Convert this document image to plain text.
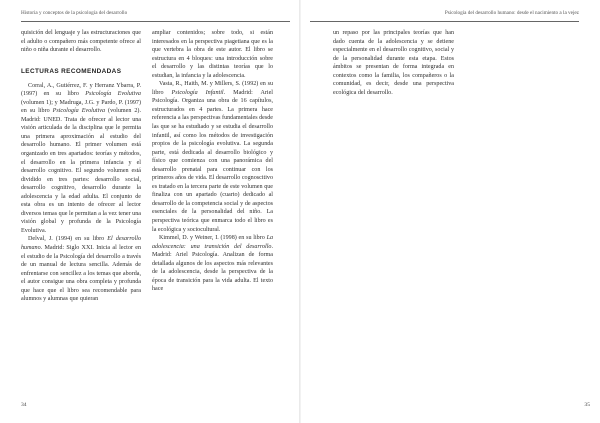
Historia y conceptos de la psicología del desarrollo

quisición del lenguaje y las estructuraciones que el adulto o compañero más competente ofrece al niño o niña durante el desarrollo.

LECTURAS RECOMENDADAS

Corral, A., Gutiérrez, F. y Herranz Ybarra, P. (1997) en su libro Psicología Evolutiva (volumen 1); y Madruga, J.G. y Pardo, P. (1997) en su libro Psicología Evolutiva (volumen 2). Madrid: UNED. Trata de ofrecer al lector una visión articulada de la disciplina que le permita una primera aproximación al estudio del desarrollo humano. El primer volumen está organizado en tres apartados: teorías y métodos, el desarrollo en la primera infancia y el desarrollo cognitivo. El segundo volumen está dividido en tres partes: desarrollo social, desarrollo cognitivo, desarrollo durante la adolescencia y la edad adulta. El conjunto de esta obra es un intento de ofrecer al lector diversos temas que le permitan a la vez tener una visión global y profunda de la Psicología Evolutiva.

Delval, J. (1994) en su libro El desarrollo humano. Madrid: Siglo XXI. Inicia al lector en el estudio de la Psicología del desarrollo a través de un manual de lectura sencilla. Además de enfrentarse con sencillez a los temas que aborda, el autor consigue una obra completa y profunda que hace que el libro sea recomendable para alumnos y alumnas que quieran

ampliar contenidos; sobre todo, si están interesados en la perspectiva piagetiana que es la que vertebra la obra de este autor. El libro se estructura en 4 bloques: una introducción sobre el desarrollo y las distintas teorías que lo estudian, la infancia y la adolescencia.

Vasta, R., Haith, M. y Millers, S. (1992) en su libro Psicología Infantil. Madrid: Ariel Psicología. Organiza una obra de 16 capítulos, estructurados en 4 partes. La primera hace referencia a las perspectivas fundamentales desde las que se ha estudiado y se estudia el desarrollo infantil, así como los métodos de investigación propios de la psicología evolutiva. La segunda parte, está dedicada al desarrollo biológico y físico que comienza con una panorámica del desarrollo prenatal para continuar con los primeros años de vida. El desarrollo cognoscitivo es tratado en la tercera parte de este volumen que finaliza con un apartado (cuarto) dedicado al desarrollo de la competencia social y de aspectos esenciales de la personalidad del niño. La perspectiva teórica que enmarca todo el libro es la ecológica y sociocultural.

Kimmel, D. y Weiner, I. (1998) en su libro La adolescencia: una transición del desarrollo. Madrid: Ariel Psicología. Analizan de forma detallada algunos de los aspectos más relevantes de la adolescencia, desde la perspectiva de la época de transición para la vida adulta. El texto hace

34
Psicología del desarrollo humano: desde el nacimiento a la vejez

un repaso por las principales teorías que han dado cuenta de la adolescencia y se detiene especialmente en el desarrollo cognitivo, social y de la personalidad durante esta etapa. Estos ámbitos se presentan de forma integrada en contextos como la familia, los compañeros o la comunidad, es decir, desde una perspectiva ecológica del desarrollo.

35
